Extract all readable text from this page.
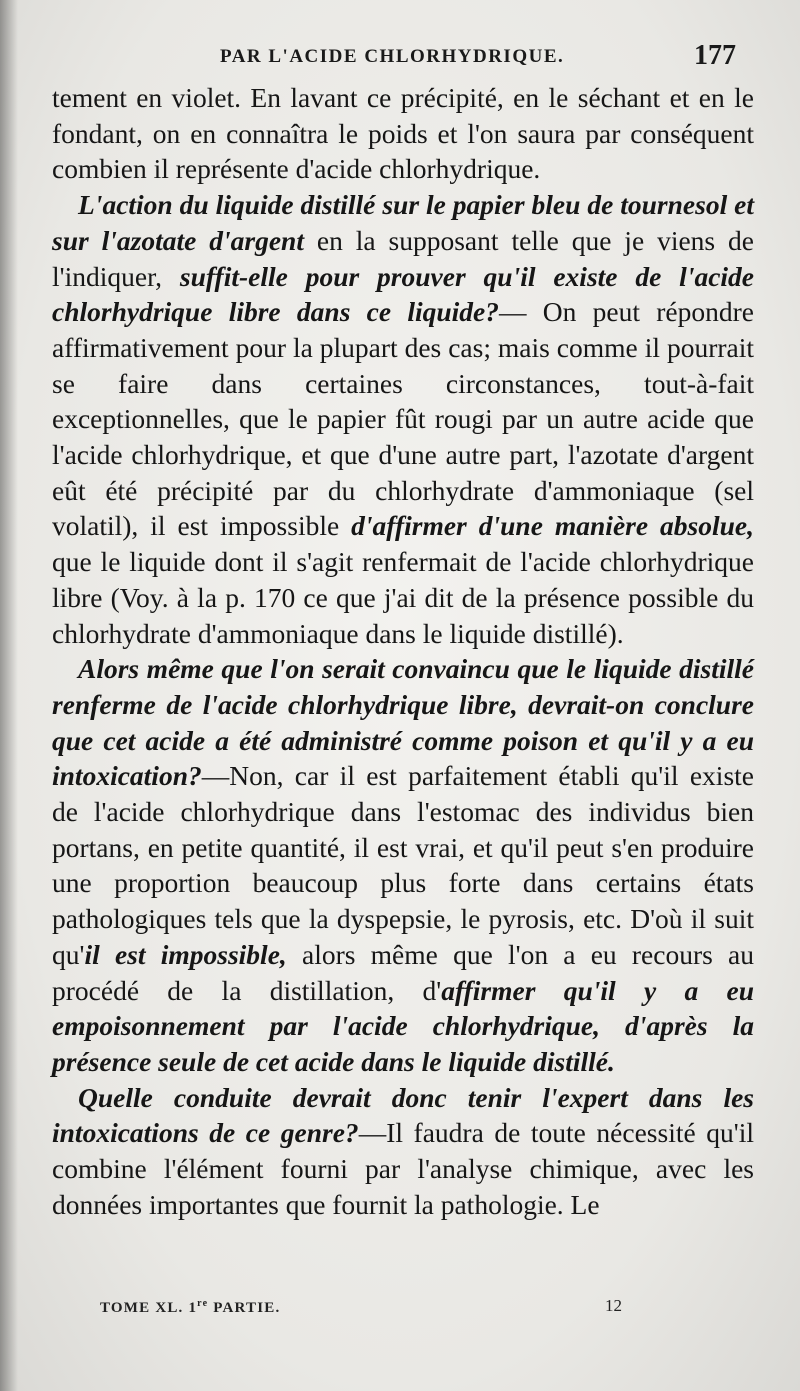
PAR L'ACIDE CHLORHYDRIQUE.	177

tement en violet. En lavant ce précipité, en le séchant et en le fondant, on en connaîtra le poids et l'on saura par conséquent combien il représente d'acide chlorhydrique.

L'action du liquide distillé sur le papier bleu de tournesol et sur l'azotate d'argent en la supposant telle que je viens de l'indiquer, suffit-elle pour prouver qu'il existe de l'acide chlorhydrique libre dans ce liquide?— On peut répondre affirmativement pour la plupart des cas; mais comme il pourrait se faire dans certaines circonstances, tout-à-fait exceptionnelles, que le papier fût rougi par un autre acide que l'acide chlorhydrique, et que d'une autre part, l'azotate d'argent eût été précipité par du chlorhydrate d'ammoniaque (sel volatil), il est impossible d'affirmer d'une manière absolue, que le liquide dont il s'agit renfermait de l'acide chlorhydrique libre (Voy. à la p. 170 ce que j'ai dit de la présence possible du chlorhydrate d'ammoniaque dans le liquide distillé).

Alors même que l'on serait convaincu que le liquide distillé renferme de l'acide chlorhydrique libre, devrait-on conclure que cet acide a été administré comme poison et qu'il y a eu intoxication?—Non, car il est parfaitement établi qu'il existe de l'acide chlorhydrique dans l'estomac des individus bien portans, en petite quantité, il est vrai, et qu'il peut s'en produire une proportion beaucoup plus forte dans certains états pathologiques tels que la dyspepsie, le pyrosis, etc. D'où il suit qu'il est impossible, alors même que l'on a eu recours au procédé de la distillation, d'affirmer qu'il y a eu empoisonnement par l'acide chlorhydrique, d'après la présence seule de cet acide dans le liquide distillé.

Quelle conduite devrait donc tenir l'expert dans les intoxications de ce genre?—Il faudra de toute nécessité qu'il combine l'élément fourni par l'analyse chimique, avec les données importantes que fournit la pathologie. Le

TOME XL. 1re PARTIE.	12
